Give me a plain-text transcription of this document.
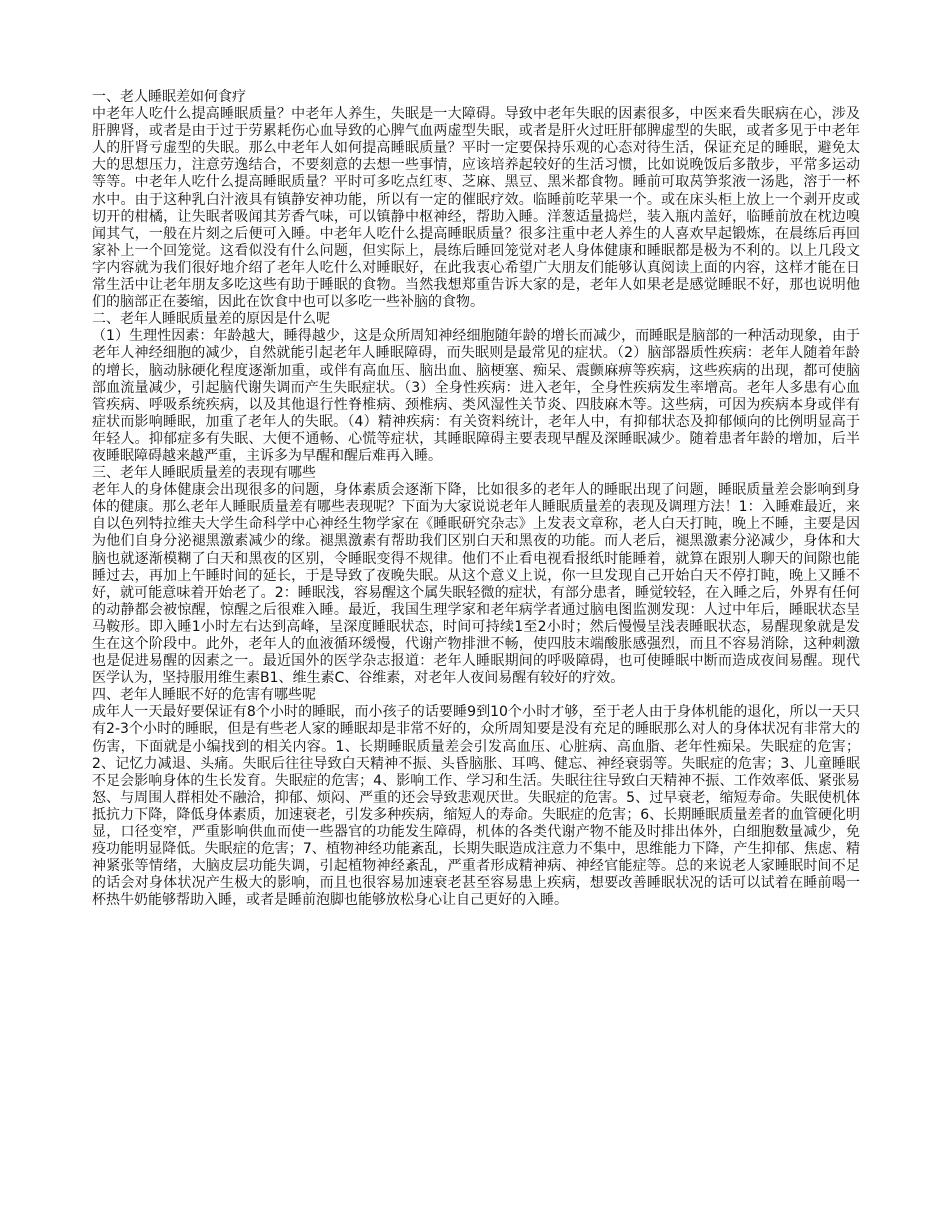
一、老人睡眠差如何食疗

中老年人吃什么提高睡眠质量？中老年人养生，失眠是一大障碍。导致中老年失眠的因素很多，中医来看失眠病在心，涉及肝脾肾，或者是由于过于劳累耗伤心血导致的心脾气血两虚型失眠，或者是肝火过旺肝郁脾虚型的失眠，或者多见于中老年人的肝肾亏虚型的失眠。那么中老年人如何提高睡眠质量？平时一定要保持乐观的心态对待生活，保证充足的睡眠，避免太大的思想压力，注意劳逸结合，不要刻意的去想一些事情，应该培养起较好的生活习惯，比如说晚饭后多散步，平常多运动等等。中老年人吃什么提高睡眠质量？平时可多吃点红枣、芝麻、黑豆、黑米都食物。睡前可取莴笋浆液一汤匙，溶于一杯水中。由于这种乳白汁液具有镇静安神功能，所以有一定的催眠疗效。临睡前吃苹果一个。或在床头柜上放上一个剥开皮或切开的柑橘，让失眠者吸闻其芳香气味，可以镇静中枢神经，帮助入睡。洋葱适量捣烂，装入瓶内盖好，临睡前放在枕边嗅闻其气，一般在片刻之后便可入睡。中老年人吃什么提高睡眠质量？很多注重中老人养生的人喜欢早起锻炼，在晨练后再回家补上一个回笼觉。这看似没有什么问题，但实际上，晨练后睡回笼觉对老人身体健康和睡眠都是极为不利的。以上几段文字内容就为我们很好地介绍了老年人吃什么对睡眠好，在此我衷心希望广大朋友们能够认真阅读上面的内容，这样才能在日常生活中让老年朋友多吃这些有助于睡眠的食物。当然我想郑重告诉大家的是，老年人如果老是感觉睡眠不好，那也说明他们的脑部正在萎缩，因此在饮食中也可以多吃一些补脑的食物。

二、老年人睡眠质量差的原因是什么呢

（1）生理性因素：年龄越大，睡得越少，这是众所周知神经细胞随年龄的增长而减少，而睡眠是脑部的一种活动现象，由于老年人神经细胞的减少，自然就能引起老年人睡眠障碍，而失眠则是最常见的症状。（2）脑部器质性疾病：老年人随着年龄的增长，脑动脉硬化程度逐渐加重，或伴有高血压、脑出血、脑梗塞、痴呆、震颤麻痹等疾病，这些疾病的出现，都可使脑部血流量减少，引起脑代谢失调而产生失眠症状。（3）全身性疾病：进入老年，全身性疾病发生率增高。老年人多患有心血管疾病、呼吸系统疾病，以及其他退行性脊椎病、颈椎病、类风湿性关节炎、四肢麻木等。这些病，可因为疾病本身或伴有症状而影响睡眠，加重了老年人的失眠。（4）精神疾病：有关资料统计，老年人中，有抑郁状态及抑郁倾向的比例明显高于年轻人。抑郁症多有失眠、大便不通畅、心慌等症状，其睡眠障碍主要表现早醒及深睡眠减少。随着患者年龄的增加，后半夜睡眠障碍越来越严重，主诉多为早醒和醒后难再入睡。

三、老年人睡眠质量差的表现有哪些

老年人的身体健康会出现很多的问题，身体素质会逐渐下降，比如很多的老年人的睡眠出现了问题，睡眠质量差会影响到身体的健康。那么老年人睡眠质量差有哪些表现呢？下面为大家说说老年人睡眠质量差的表现及调理方法！1：入睡难最近，来自以色列特拉维夫大学生命科学中心神经生物学家在《睡眠研究杂志》上发表文章称，老人白天打盹，晚上不睡，主要是因为他们自身分泌褪黑激素减少的缘。褪黑激素有帮助我们区别白天和黑夜的功能。而人老后，褪黑激素分泌减少，身体和大脑也就逐渐模糊了白天和黑夜的区别，令睡眠变得不规律。他们不止看电视看报纸时能睡着，就算在跟别人聊天的间隙也能睡过去，再加上午睡时间的延长，于是导致了夜晚失眠。从这个意义上说，你一旦发现自己开始白天不停打盹，晚上又睡不好，就可能意味着开始老了。2：睡眠浅，容易醒这个属失眠轻微的症状，有部分患者，睡觉较轻，在入睡之后，外界有任何的动静都会被惊醒，惊醒之后很难入睡。最近，我国生理学家和老年病学者通过脑电图监测发现：人过中年后，睡眠状态呈马鞍形。即入睡1小时左右达到高峰，呈深度睡眠状态，时间可持续1至2小时；然后慢慢呈浅表睡眠状态，易醒现象就是发生在这个阶段中。此外，老年人的血液循环缓慢，代谢产物排泄不畅，使四肢末端酸胀感强烈，而且不容易消除，这种刺激也是促进易醒的因素之一。最近国外的医学杂志报道：老年人睡眠期间的呼吸障碍，也可使睡眠中断而造成夜间易醒。现代医学认为，坚持服用维生素B1、维生素C、谷维素，对老年人夜间易醒有较好的疗效。

四、老年人睡眠不好的危害有哪些呢

成年人一天最好要保证有8个小时的睡眠，而小孩子的话要睡9到10个小时才够，至于老人由于身体机能的退化，所以一天只有2-3个小时的睡眠，但是有些老人家的睡眠却是非常不好的，众所周知要是没有充足的睡眠那么对人的身体状况有非常大的伤害，下面就是小编找到的相关内容。1、长期睡眠质量差会引发高血压、心脏病、高血脂、老年性痴呆。失眠症的危害；2、记忆力减退、头痛。失眠后往往导致白天精神不振、头昏脑胀、耳鸣、健忘、神经衰弱等。失眠症的危害；3、儿童睡眠不足会影响身体的生长发育。失眠症的危害；4、影响工作、学习和生活。失眠往往导致白天精神不振、工作效率低、紧张易怒、与周围人群相处不融洽，抑郁、烦闷、严重的还会导致悲观厌世。失眠症的危害。5、过早衰老，缩短寿命。失眠使机体抵抗力下降，降低身体素质，加速衰老，引发多种疾病，缩短人的寿命。失眠症的危害；6、长期睡眠质量差者的血管硬化明显，口径变窄，严重影响供血而使一些器官的功能发生障碍，机体的各类代谢产物不能及时排出体外，白细胞数量减少，免疫功能明显降低。失眠症的危害；7、植物神经功能紊乱，长期失眠造成注意力不集中，思维能力下降，产生抑郁、焦虑、精神紧张等情绪，大脑皮层功能失调，引起植物神经紊乱，严重者形成精神病、神经官能症等。总的来说老人家睡眠时间不足的话会对身体状况产生极大的影响，而且也很容易加速衰老甚至容易患上疾病，想要改善睡眠状况的话可以试着在睡前喝一杯热牛奶能够帮助入睡，或者是睡前泡脚也能够放松身心让自己更好的入睡。
